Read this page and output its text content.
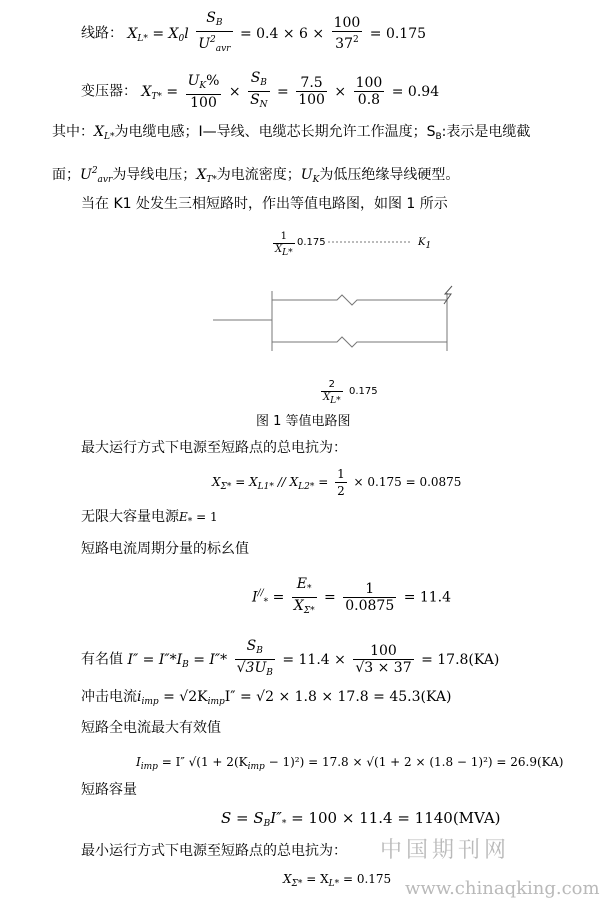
线路： $X_{L*} = X_0l \frac{S_B}{U^2_{avr}} = 0.4 \times 6 \times \frac{100}{37^2} = 0.175$
变压器： $X_{T*} = \frac{U_K\%}{100} \times \frac{S_B}{S_N} = \frac{7.5}{100} \times \frac{100}{0.8} = 0.94$
其中：$X_{L*}$为电缆电感；I—导线、电缆芯长期允许工作温度；$S_B$:表示是电缆截
面；$U^2_{avr}$为导线电压；$X_{T*}$为电流密度；$U_K$为低压绝缘导线硬型。
当在 K1 处发生三相短路时，作出等值电路图，如图 1 所示
$\frac{1}{XL*} 0.175$	K1
$\frac{2}{XL*} 0.175$
图 1 等值电路图
最大运行方式下电源至短路点的总电抗为：
$X_{\Sigma*} = X_{L1*} // X_{L2*} = \frac{1}{2} \times 0.175 = 0.0875$
无限大容量电源$E_* = 1$
短路电流周期分量的标幺值
$I^{//}_* = \frac{E_*}{X_{\Sigma*}} = \frac{1}{0.0875} = 11.4$
有名值 $I'' = I''*I_B = I''* \frac{S_B}{√3U_B} = 11.4 \times \frac{100}{√3 \times 37} = 17.8(KA)$
冲击电流$i_{imp} = √2K_{imp}I'' = √2 \times 1.8 \times 17.8 = 45.3(KA)$
短路全电流最大有效值
$I_{imp} = I''$ $√(1 + 2(K_{imp} - 1)^2) = 17.8 \times √(1 + 2 \times (1.8 - 1)^2) = 26.9(KA)$
短路容量
$S = S_BI''_* = 100 \times 11.4 = 1140(MVA)$
最小运行方式下电源至短路点的总电抗为：
$X_{\Sigma*} = X_{L*} = 0.175$
中国期刊网
www.chinaqking.com
